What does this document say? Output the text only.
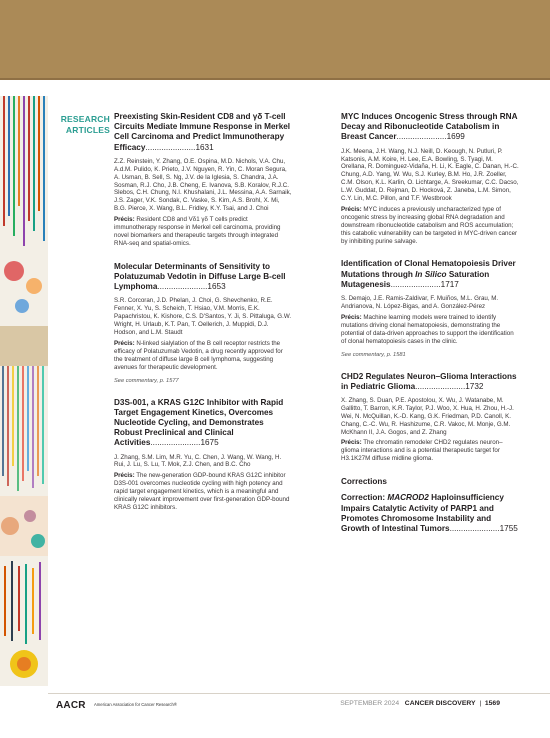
RESEARCH
ARTICLES
Preexisting Skin-Resident CD8 and γδ T-cell Circuits Mediate Immune Response in Merkel Cell Carcinoma and Predict Immunotherapy Efficacy......................1631
Z.Z. Reinstein, Y. Zhang, O.E. Ospina, M.D. Nichols, V.A. Chu, A.d.M. Pulido, K. Prieto, J.V. Nguyen, R. Yin, C. Moran Segura, A. Usman, B. Sell, S. Ng, J.V. de la Iglesia, S. Chandra, J.A. Sosman, R.J. Cho, J.B. Cheng, E. Ivanova, S.B. Koralov, R.J.C. Slebos, C.H. Chung, N.I. Khushalani, J.L. Messina, A.A. Sarnaik, J.S. Zager, V.K. Sondak, C. Vaske, S. Kim, A.S. Brohl, X. Mi, B.G. Pierce, X. Wang, B.L. Fridley, K.Y. Tsai, and J. Choi
Précis: Resident CD8 and Vδ1 γδ T cells predict immunotherapy response in Merkel cell carcinoma, providing novel biomarkers and therapeutic targets through integrated RNA-seq and spatial-omics.
Molecular Determinants of Sensitivity to Polatuzumab Vedotin in Diffuse Large B-cell Lymphoma......................1653
S.R. Corcoran, J.D. Phelan, J. Choi, G. Shevchenko, R.E. Fenner, X. Yu, S. Scheich, T. Hsiao, V.M. Morris, E.K. Papachristou, K. Kishore, C.S. D'Santos, Y. Ji, S. Pittaluga, G.W. Wright, H. Urlaub, K.T. Pan, T. Oellerich, J. Muppidi, D.J. Hodson, and L.M. Staudt
Précis: N-linked sialylation of the B cell receptor restricts the efficacy of Polatuzumab Vedotin, a drug recently approved for the treatment of diffuse large B cell lymphoma, suggesting avenues for therapeutic development.
See commentary, p. 1577
D3S-001, a KRAS G12C Inhibitor with Rapid Target Engagement Kinetics, Overcomes Nucleotide Cycling, and Demonstrates Robust Preclinical and Clinical Activities......................1675
J. Zhang, S.M. Lim, M.R. Yu, C. Chen, J. Wang, W. Wang, H. Rui, J. Lu, S. Lu, T. Mok, Z.J. Chen, and B.C. Cho
Précis: The new-generation GDP-bound KRAS G12C inhibitor D3S-001 overcomes nucleotide cycling with high potency and rapid target engagement kinetics, which is a meaningful and clinically relevant improvement over first-generation GDP-bound KRAS G12C inhibitors.
MYC Induces Oncogenic Stress through RNA Decay and Ribonucleotide Catabolism in Breast Cancer......................1699
J.K. Meena, J.H. Wang, N.J. Neill, D. Keough, N. Putluri, P. Katsonis, A.M. Koire, H. Lee, E.A. Bowling, S. Tyagi, M. Orellana, R. Dominguez-Vidaña, H. Li, K. Eagle, C. Danan, H.-C. Chung, A.D. Yang, W. Wu, S.J. Kurley, B.M. Ho, J.R. Zoeller, C.M. Olson, K.L. Karlin, O. Lichtarge, A. Sreekumar, C.C. Dacso, L.W. Guddat, D. Rejman, D. Hocková, Z. Janeba, L.M. Simon, C.Y. Lin, M.C. Pillon, and T.F. Westbrook
Précis: MYC induces a previously uncharacterized type of oncogenic stress by increasing global RNA degradation and downstream ribonucleotide catabolism and ROS accumulation; this catabolic vulnerability can be targeted in MYC-driven cancer by inhibiting purine salvage.
Identification of Clonal Hematopoiesis Driver Mutations through In Silico Saturation Mutagenesis......................1717
S. Demajo, J.E. Ramis-Zaldivar, F. Muiños, M.L. Grau, M. Andrianova, N. López-Bigas, and A. González-Pérez
Précis: Machine learning models were trained to identify mutations driving clonal hematopoiesis, demonstrating the potential of data-driven approaches to support the identification of clonal hematopoiesis cases in the clinic.
See commentary, p. 1581
CHD2 Regulates Neuron–Glioma Interactions in Pediatric Glioma......................1732
X. Zhang, S. Duan, P.E. Apostolou, X. Wu, J. Watanabe, M. Gallitto, T. Barron, K.R. Taylor, P.J. Woo, X. Hua, H. Zhou, H.-J. Wei, N. McQuillan, K.-D. Kang, G.K. Friedman, P.D. Canoll, K. Chang, C.-C. Wu, R. Hashizume, C.R. Vakoc, M. Monje, G.M. McKhann II, J.A. Gogos, and Z. Zhang
Précis: The chromatin remodeler CHD2 regulates neuron–glioma interactions and is a potential therapeutic target for H3.1K27M diffuse midline glioma.
Corrections
Correction: MACROD2 Haploinsufficiency Impairs Catalytic Activity of PARP1 and Promotes Chromosome Instability and Growth of Intestinal Tumors......................1755
AACR American Association for Cancer Research®	SEPTEMBER 2024 CANCER DISCOVERY | 1569
